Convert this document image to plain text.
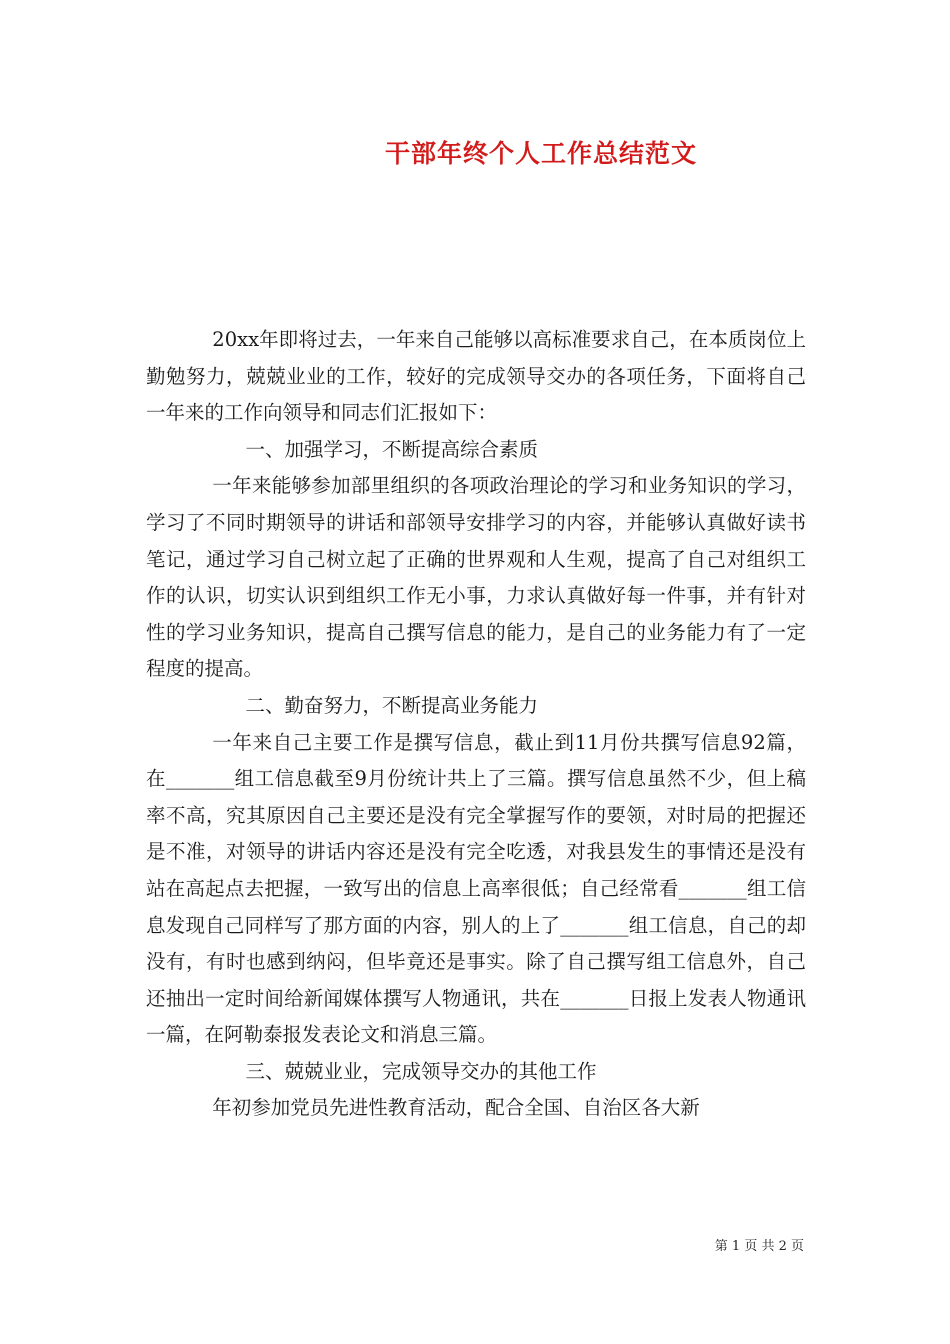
干部年终个人工作总结范文

20xx年即将过去，一年来自己能够以高标准要求自己，在本质岗位上勤勉努力，兢兢业业的工作，较好的完成领导交办的各项任务，下面将自己一年来的工作向领导和同志们汇报如下：

一、加强学习，不断提高综合素质

一年来能够参加部里组织的各项政治理论的学习和业务知识的学习，学习了不同时期领导的讲话和部领导安排学习的内容，并能够认真做好读书笔记，通过学习自己树立起了正确的世界观和人生观，提高了自己对组织工作的认识，切实认识到组织工作无小事，力求认真做好每一件事，并有针对性的学习业务知识，提高自己撰写信息的能力，是自己的业务能力有了一定程度的提高。

二、勤奋努力，不断提高业务能力

一年来自己主要工作是撰写信息，截止到11月份共撰写信息92篇，在_______组工信息截至9月份统计共上了三篇。撰写信息虽然不少，但上稿率不高，究其原因自己主要还是没有完全掌握写作的要领，对时局的把握还是不准，对领导的讲话内容还是没有完全吃透，对我县发生的事情还是没有站在高起点去把握，一致写出的信息上高率很低；自己经常看_______组工信息发现自己同样写了那方面的内容，别人的上了_______组工信息，自己的却没有，有时也感到纳闷，但毕竟还是事实。除了自己撰写组工信息外，自己还抽出一定时间给新闻媒体撰写人物通讯，共在_______日报上发表人物通讯一篇，在阿勒泰报发表论文和消息三篇。

三、兢兢业业，完成领导交办的其他工作

年初参加党员先进性教育活动，配合全国、自治区各大新

第 1 页 共 2 页
